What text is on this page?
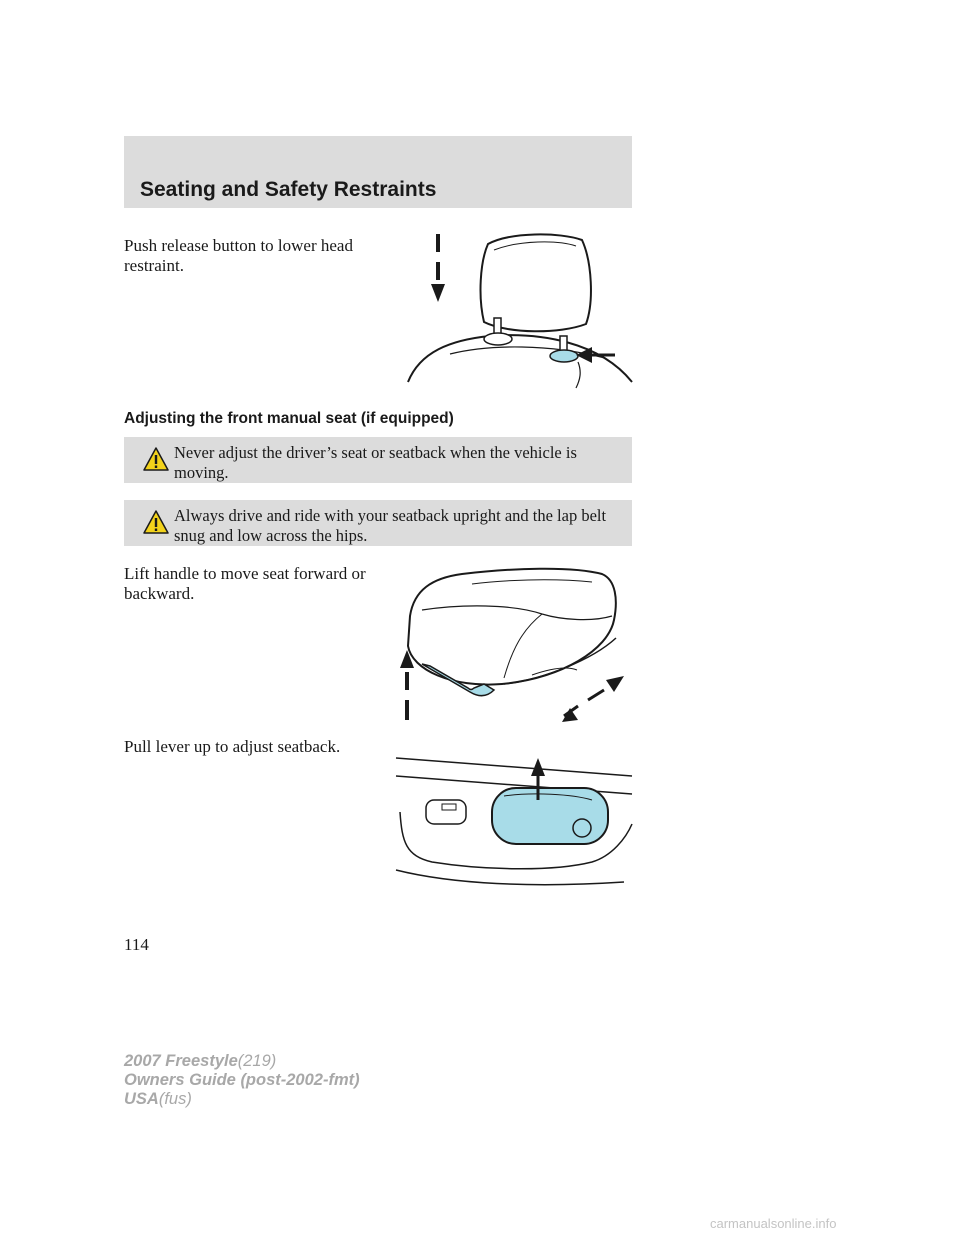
Seating and Safety Restraints
Push release button to lower head restraint.
Adjusting the front manual seat (if equipped)
Never adjust the driver’s seat or seatback when the vehicle is moving.
Always drive and ride with your seatback upright and the lap belt snug and low across the hips.
Lift handle to move seat forward or backward.
Pull lever up to adjust seatback.
114
2007 Freestyle(219)
Owners Guide (post-2002-fmt)
USA(fus)
carmanualsonline.info
